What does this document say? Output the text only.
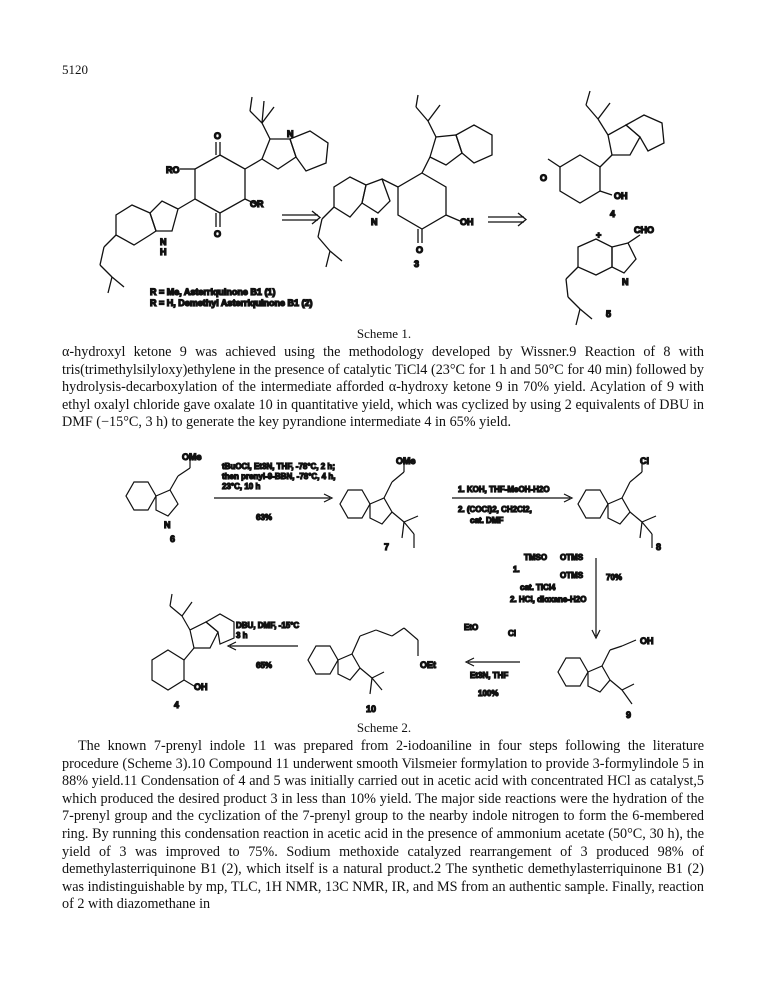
5120
RO
OR
O
O
N
N
H
OH
O
N
3
O
OH
4
+	CHO
N
5
R = Me, Asterriquinone B1 (1)
R = H, Demethyl Asterriquinone B1 (2)
Scheme 1.

α-hydroxyl ketone 9 was achieved using the methodology developed by Wissner.9 Reaction of 8 with tris(trimethylsilyloxy)ethylene in the presence of catalytic TiCl4 (23°C for 1 h and 50°C for 40 min) followed by hydrolysis-decarboxylation of the intermediate afforded α-hydroxy ketone 9 in 70% yield. Acylation of 9 with ethyl oxalyl chloride gave oxalate 10 in quantitative yield, which was cyclized by using 2 equivalents of DBU in DMF (−15°C, 3 h) to generate the key pyrandione intermediate 4 in 65% yield.

OMe
N
6
tBuOCl, Et3N, THF, -78°C, 2 h;
then prenyl-9-BBN, -78°C, 4 h,
23°C, 10 h
63%
OMe
7
1. KOH, THF-MeOH-H2O
2. (COCl)2, CH2Cl2,
cat. DMF
Cl
8
1.
TMSO OTMS
OTMS
cat. TiCl4
2. HCl, dioxane-H2O
70%
OH
9
EtO
Cl
Et3N, THF
100%
OEt
10
DBU, DMF, -15°C
3 h
65%
OH
4
Scheme 2.

The known 7-prenyl indole 11 was prepared from 2-iodoaniline in four steps following the literature procedure (Scheme 3).10 Compound 11 underwent smooth Vilsmeier formylation to provide 3-formylindole 5 in 88% yield.11 Condensation of 4 and 5 was initially carried out in acetic acid with concentrated HCl as catalyst,5 which produced the desired product 3 in less than 10% yield. The major side reactions were the hydration of the 7-prenyl group and the cyclization of the 7-prenyl group to the nearby indole nitrogen to form the 6-membered ring. By running this condensation reaction in acetic acid in the presence of ammonium acetate (50°C, 30 h), the yield of 3 was improved to 75%. Sodium methoxide catalyzed rearrangement of 3 produced 98% of demethylasterriquinone B1 (2), which itself is a natural product.2 The synthetic demethylasterriquinone B1 (2) was indistinguishable by mp, TLC, 1H NMR, 13C NMR, IR, and MS from an authentic sample. Finally, reaction of 2 with diazomethane in
